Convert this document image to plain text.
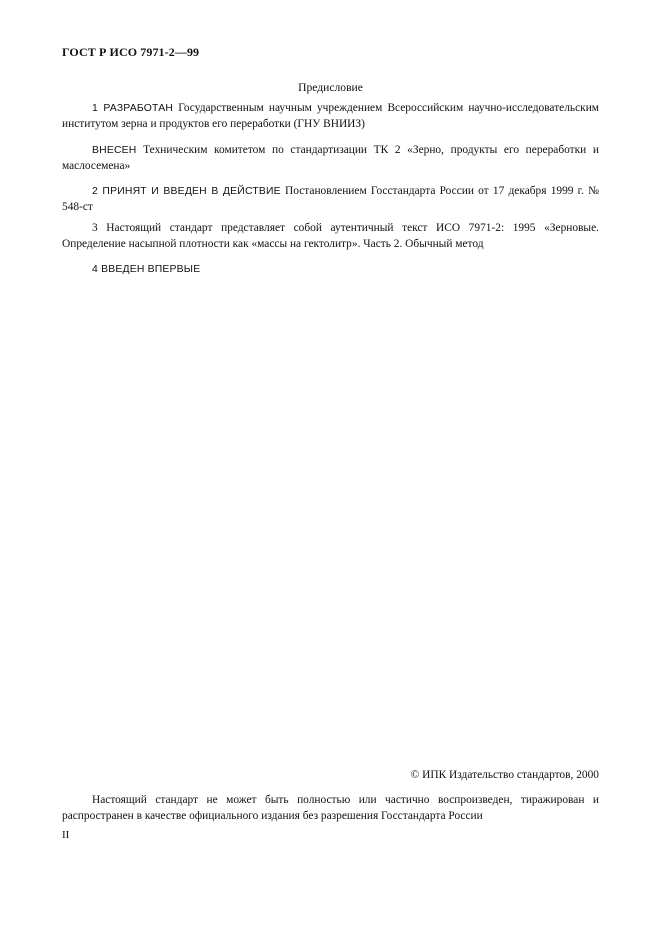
ГОСТ Р ИСО 7971-2—99
Предисловие

1 РАЗРАБОТАН Государственным научным учреждением Всероссийским научно-исследовательским институтом зерна и продуктов его переработки (ГНУ ВНИИЗ)

ВНЕСЕН Техническим комитетом по стандартизации ТК 2 «Зерно, продукты его переработки и маслосемена»

2 ПРИНЯТ И ВВЕДЕН В ДЕЙСТВИЕ Постановлением Госстандарта России от 17 декабря 1999 г. № 548-ст

3 Настоящий стандарт представляет собой аутентичный текст ИСО 7971-2: 1995 «Зерновые. Определение насыпной плотности как «массы на гектолитр». Часть 2. Обычный метод

4 ВВЕДЕН ВПЕРВЫЕ

© ИПК Издательство стандартов, 2000

Настоящий стандарт не может быть полностью или частично воспроизведен, тиражирован и распространен в качестве официального издания без разрешения Госстандарта России

II
